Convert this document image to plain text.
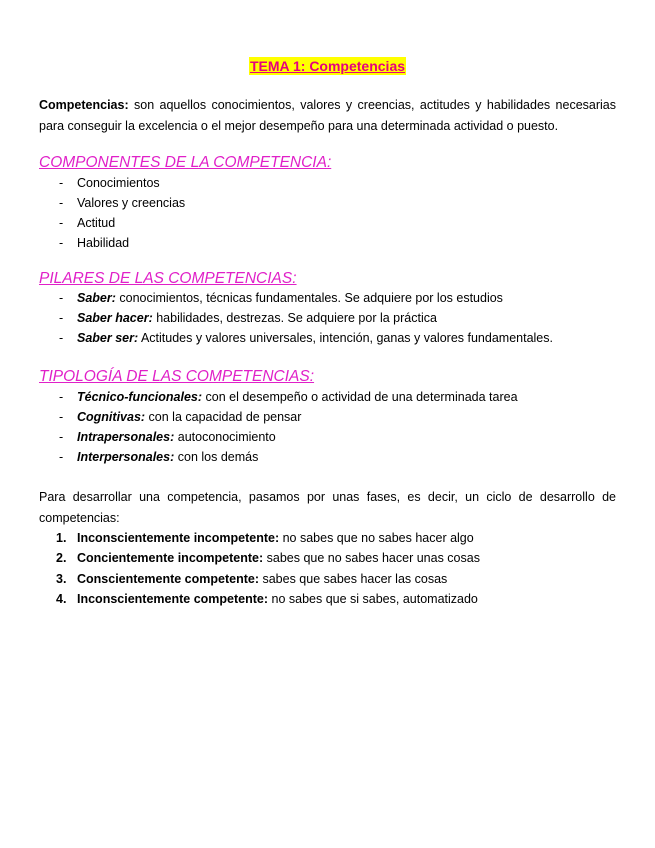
TEMA 1: Competencias
Competencias: son aquellos conocimientos, valores y creencias, actitudes y habilidades necesarias para conseguir la excelencia o el mejor desempeño para una determinada actividad o puesto.
COMPONENTES DE LA COMPETENCIA:
- Conocimientos
- Valores y creencias
- Actitud
- Habilidad
PILARES DE LAS COMPETENCIAS:
- Saber: conocimientos, técnicas fundamentales. Se adquiere por los estudios
- Saber hacer: habilidades, destrezas. Se adquiere por la práctica
- Saber ser: Actitudes y valores universales, intención, ganas y valores fundamentales.
TIPOLOGÍA DE LAS COMPETENCIAS:
- Técnico-funcionales: con el desempeño o actividad de una determinada tarea
- Cognitivas: con la capacidad de pensar
- Intrapersonales: autoconocimiento
- Interpersonales: con los demás
Para desarrollar una competencia, pasamos por unas fases, es decir, un ciclo de desarrollo de competencias:
1. Inconscientemente incompetente: no sabes que no sabes hacer algo
2. Concientemente incompetente: sabes que no sabes hacer unas cosas
3. Conscientemente competente: sabes que sabes hacer las cosas
4. Inconscientemente competente: no sabes que si sabes, automatizado
